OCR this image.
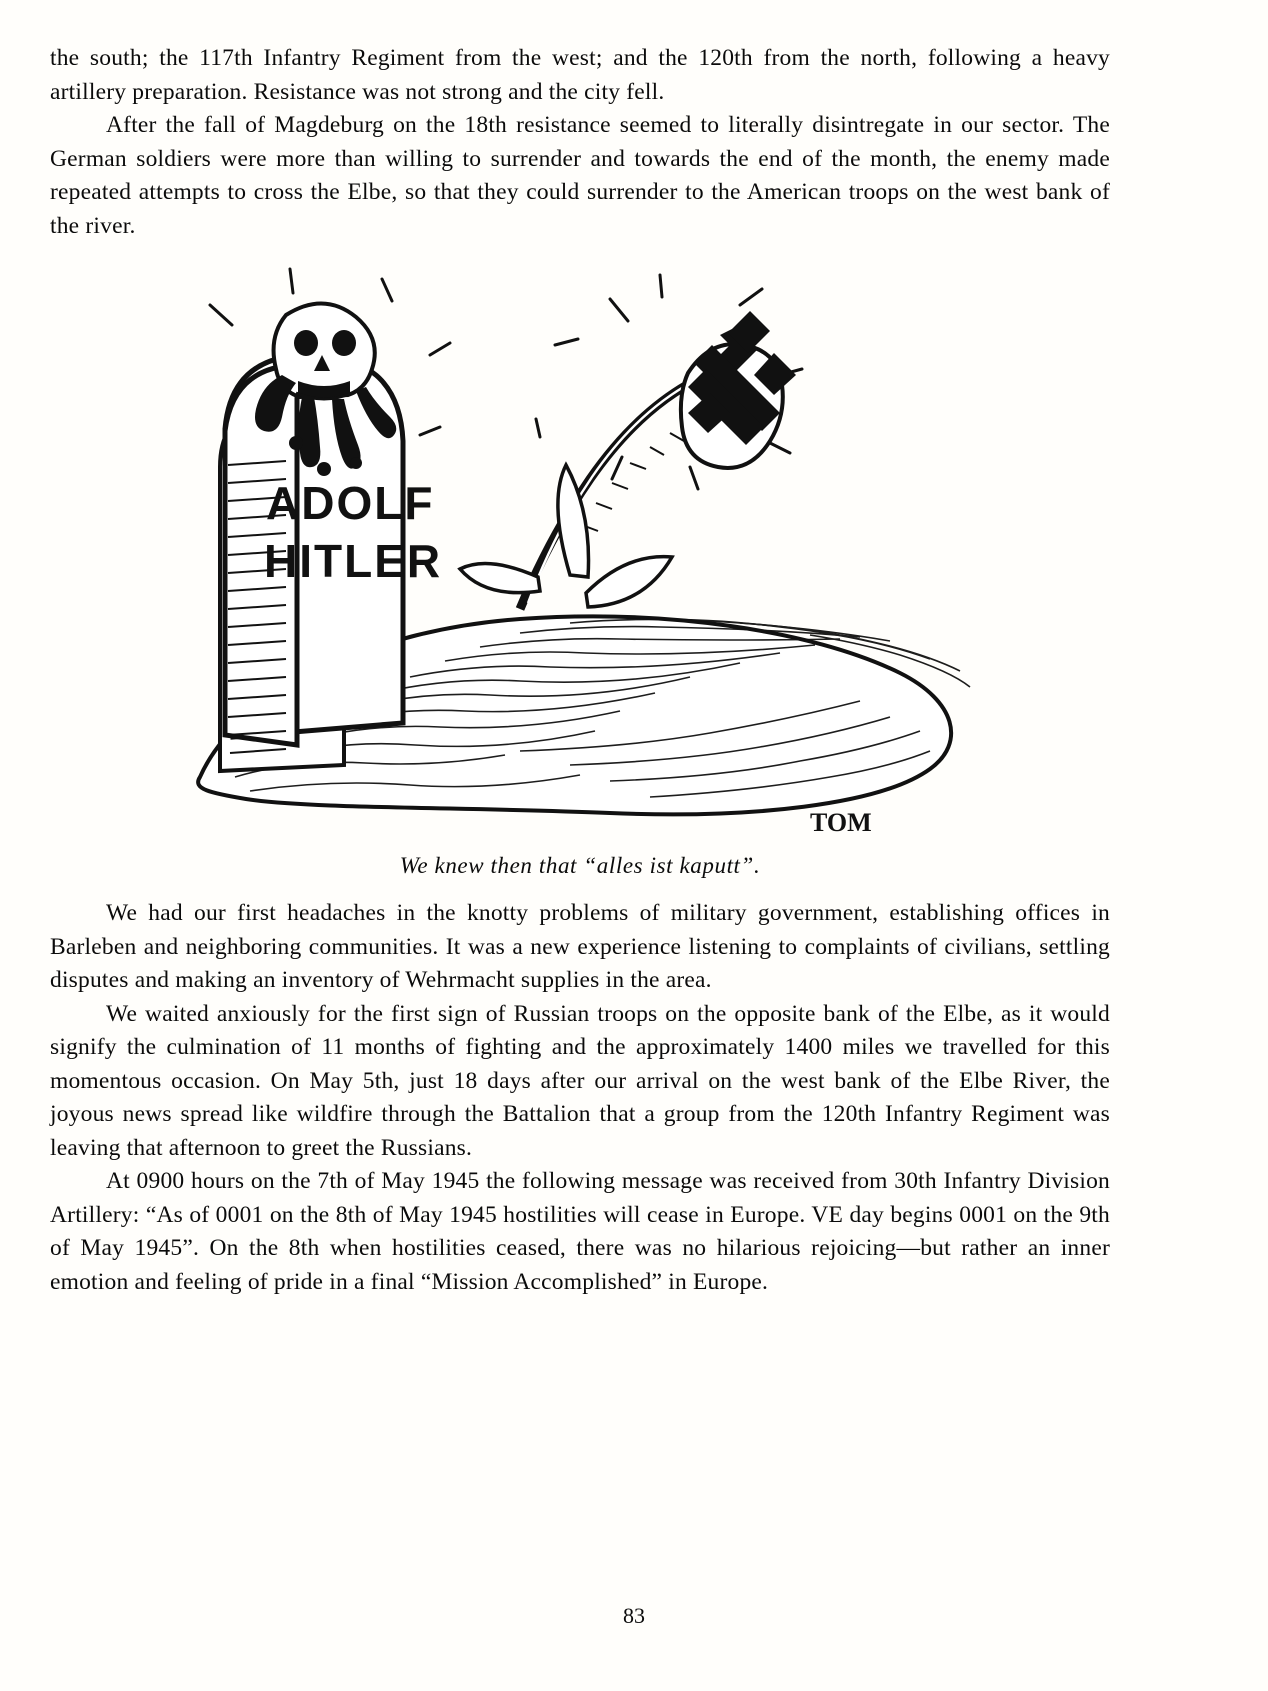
the south; the 117th Infantry Regiment from the west; and the 120th from the north, following a heavy artillery preparation. Resistance was not strong and the city fell.

After the fall of Magdeburg on the 18th resistance seemed to literally disintregate in our sector. The German soldiers were more than willing to surrender and towards the end of the month, the enemy made repeated attempts to cross the Elbe, so that they could surrender to the American troops on the west bank of the river.

ADOLF
HITLER
TOM
We knew then that “alles ist kaputt”.

We had our first headaches in the knotty problems of military government, establishing offices in Barleben and neighboring communities. It was a new experience listening to complaints of civilians, settling disputes and making an inventory of Wehrmacht supplies in the area.

We waited anxiously for the first sign of Russian troops on the opposite bank of the Elbe, as it would signify the culmination of 11 months of fighting and the approximately 1400 miles we travelled for this momentous occasion. On May 5th, just 18 days after our arrival on the west bank of the Elbe River, the joyous news spread like wildfire through the Battalion that a group from the 120th Infantry Regiment was leaving that afternoon to greet the Russians.

At 0900 hours on the 7th of May 1945 the following message was received from 30th Infantry Division Artillery: “As of 0001 on the 8th of May 1945 hostilities will cease in Europe. VE day begins 0001 on the 9th of May 1945”. On the 8th when hostilities ceased, there was no hilarious rejoicing—but rather an inner emotion and feeling of pride in a final “Mission Accomplished” in Europe.

83
